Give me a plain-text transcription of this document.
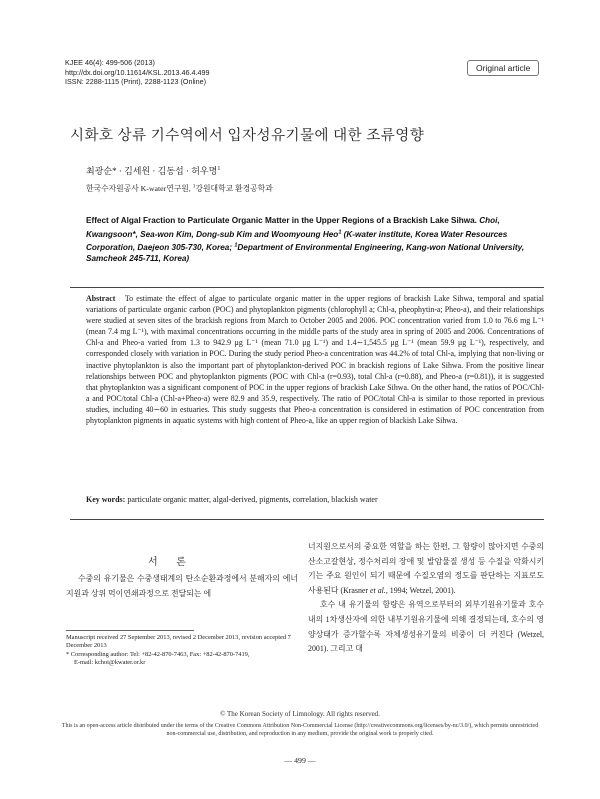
KJEE 46(4): 499-506 (2013)
http://dx.doi.org/10.11614/KSL.2013.46.4.499
ISSN: 2288-1115 (Print), 2288-1123 (Online)
Original article
시화호 상류 기수역에서 입자성유기물에 대한 조류영향
최광순* · 김세원 · 김동섭 · 허우명$^1$
한국수자원공사 K-water연구원, $^1$강원대학교 환경공학과
Effect of Algal Fraction to Particulate Organic Matter in the Upper Regions of a Brackish Lake Sihwa. Choi, Kwangsoon*, Sea-won Kim, Dong-sub Kim and Woomyoung Heo$^1$ (K-water institute, Korea Water Resources Corporation, Daejeon 305-730, Korea; $^1$Department of Environmental Engineering, Kang-won National University, Samcheok 245-711, Korea)
Abstract To estimate the effect of algae to particulate organic matter in the upper regions of brackish Lake Sihwa, temporal and spatial variations of particulate organic carbon (POC) and phytoplankton pigments (chlorophyll a; Chl-a, pheophytin-a; Pheo-a), and their relationships were studied at seven sites of the brackish regions from March to October 2005 and 2006. POC concentration varied from 1.0 to 76.6 mg L⁻¹ (mean 7.4 mg L⁻¹), with maximal concentrations occurring in the middle parts of the study area in spring of 2005 and 2006. Concentrations of Chl-a and Pheo-a varied from 1.3 to 942.9 μg L⁻¹ (mean 71.0 μg L⁻¹) and 1.4∼1,545.5 μg L⁻¹ (mean 59.9 μg L⁻¹), respectively, and corresponded closely with variation in POC. During the study period Pheo-a concentration was 44.2% of total Chl-a, implying that non-living or inactive phytoplankton is also the important part of phytoplankton-derived POC in brackish regions of Lake Sihwa. From the positive linear relationships between POC and phytoplankton pigments (POC with Chl-a (r=0.93), total Chl-a (r=0.88), and Pheo-a (r=0.81)), it is suggested that phytoplankton was a significant component of POC in the upper regions of brackish Lake Sihwa. On the other hand, the ratios of POC/Chl-a and POC/total Chl-a (Chl-a+Pheo-a) were 82.9 and 35.9, respectively. The ratio of POC/total Chl-a is similar to those reported in previous studies, including 40∼60 in estuaries. This study suggests that Pheo-a concentration is considered in estimation of POC concentration from phytoplankton pigments in aquatic systems with high content of Pheo-a, like an upper region of blackish Lake Sihwa.
Key words: particulate organic matter, algal-derived, pigments, correlation, blackish water
서 론
수중의 유기물은 수중생태계의 탄소순환과정에서 분해자의 에너지원과 상위 먹이연쇄과정으로 전달되는 에

Manuscript received 27 September 2013, revised 2 December 2013, revision accepted 7 December 2013

* Corresponding author: Tel: +82-42-870-7463, Fax: +82-42-870-7419,

E-mail: kchoi@kwater.or.kr

너지원으로서의 중요한 역할을 하는 한편, 그 함량이 많아지면 수중의 산소고갈현상, 정수처리의 장애 및 발암물질 생성 등 수질을 악화시키기는 주요 원인이 되기 때문에 수질오염의 정도를 판단하는 지표로도 사용된다 (Krasner et al., 1994; Wetzel, 2001).

호수 내 유기물의 함량은 유역으로부터의 외부기원유기물과 호수내의 1차생산자에 의한 내부기원유기물에 의해 결정되는데, 호수의 영양상태가 증가할수록 자체생성유기물의 비중이 더 커진다 (Wetzel, 2001). 그리고 대

© The Korean Society of Limnology. All rights reserved.
This is an open-access article distributed under the terms of the Creative Commons Attribution Non-Commercial License (http://creativecommons.org/licenses/by-nc/3.0/), which permits unrestricted non-commercial use, distribution, and reproduction in any medium, provide the original work is properly cited.
— 499 —
